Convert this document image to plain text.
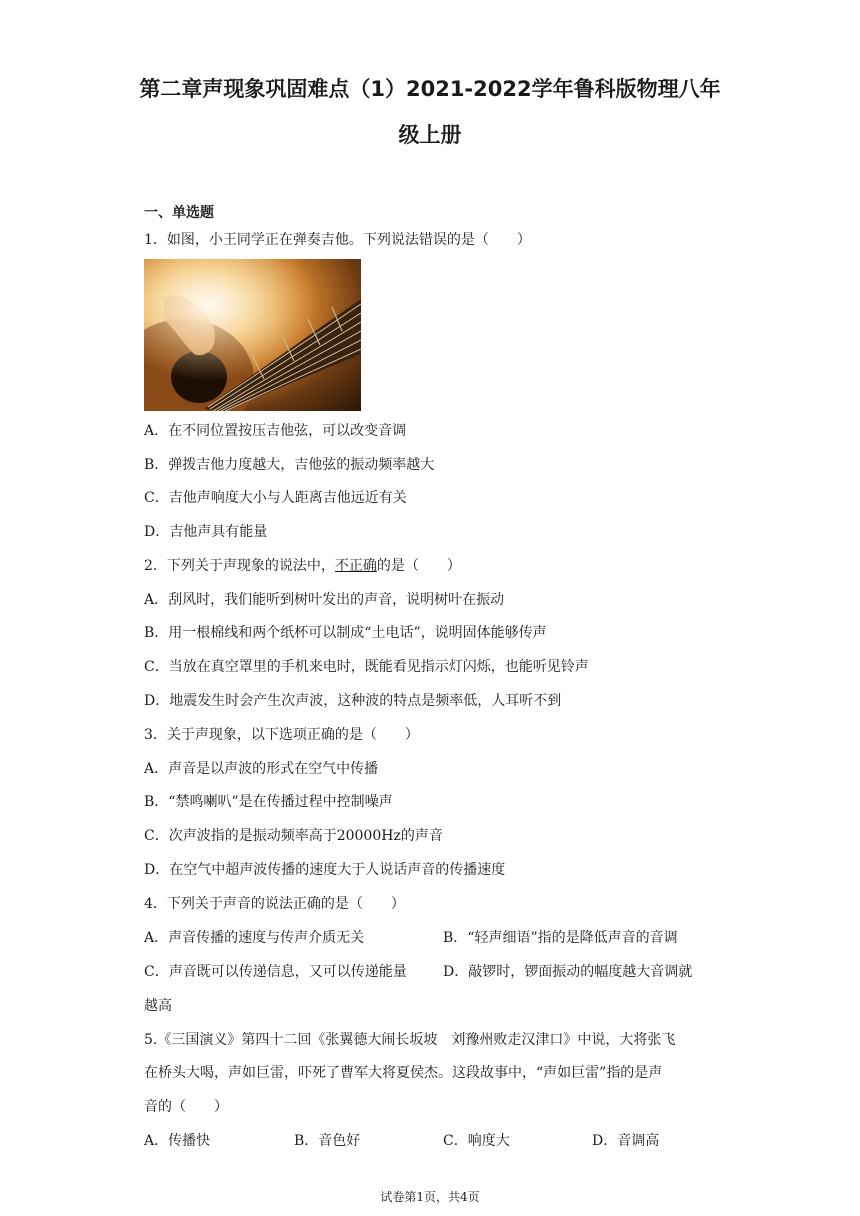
第二章声现象巩固难点（1）2021-2022学年鲁科版物理八年
级上册
一、单选题
1．如图，小王同学正在弹奏吉他。下列说法错误的是（　　）
A．在不同位置按压吉他弦，可以改变音调
B．弹拨吉他力度越大，吉他弦的振动频率越大
C．吉他声响度大小与人距离吉他远近有关
D．吉他声具有能量
2．下列关于声现象的说法中，不正确的是（　　）
A．刮风时，我们能听到树叶发出的声音，说明树叶在振动
B．用一根棉线和两个纸杯可以制成“土电话”，说明固体能够传声
C．当放在真空罩里的手机来电时，既能看见指示灯闪烁，也能听见铃声
D．地震发生时会产生次声波，这种波的特点是频率低，人耳听不到
3．关于声现象，以下选项正确的是（　　）
A．声音是以声波的形式在空气中传播
B．“禁鸣喇叭”是在传播过程中控制噪声
C．次声波指的是振动频率高于20000Hz的声音
D．在空气中超声波传播的速度大于人说话声音的传播速度
4．下列关于声音的说法正确的是（　　）
A．声音传播的速度与传声介质无关	B．“轻声细语”指的是降低声音的音调
C．声音既可以传递信息，又可以传递能量	D．敲锣时，锣面振动的幅度越大音调就
越高
5.《三国演义》第四十二回《张翼德大闹长坂坡　刘豫州败走汉津口》中说，大将张飞
在桥头大喝，声如巨雷，吓死了曹军大将夏侯杰。这段故事中，“声如巨雷”指的是声
音的（　　）
A．传播快	B．音色好	C．响度大	D．音调高
试卷第1页，共4页
